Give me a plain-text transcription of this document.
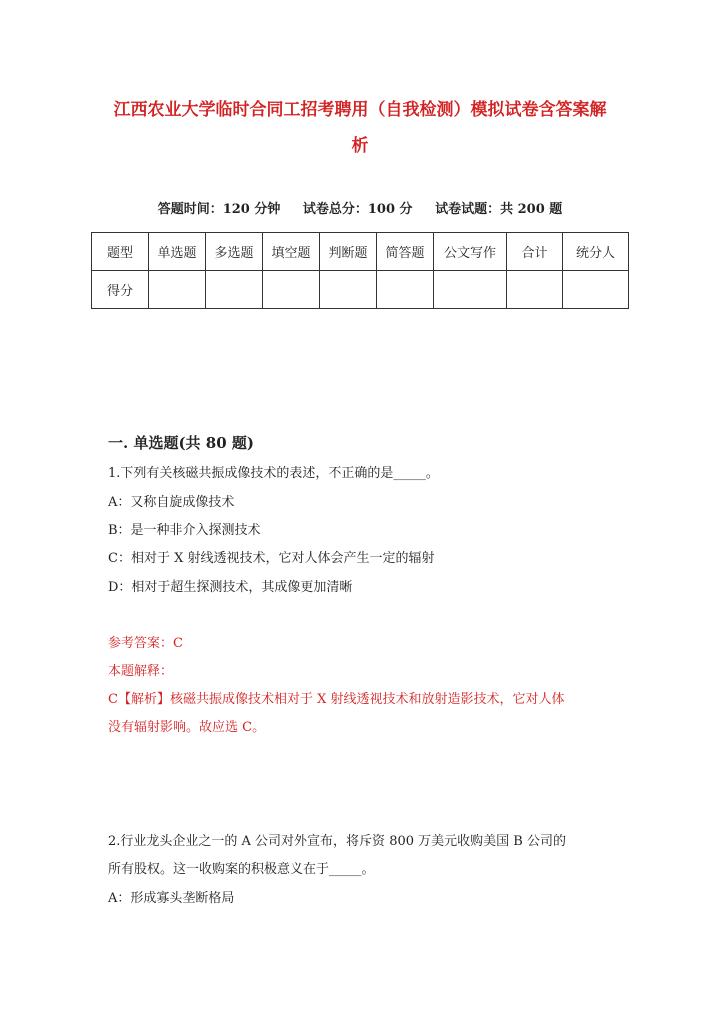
江西农业大学临时合同工招考聘用（自我检测）模拟试卷含答案解
析
答题时间：120 分钟 试卷总分：100 分 试卷试题：共 200 题
题型	单选题	多选题	填空题	判断题	简答题	公文写作	合计	统分人
得分								
一. 单选题(共 80 题)
1.下列有关核磁共振成像技术的表述，不正确的是_____。
A：又称自旋成像技术
B：是一种非介入探测技术
C：相对于 X 射线透视技术，它对人体会产生一定的辐射
D：相对于超生探测技术，其成像更加清晰
参考答案：C
本题解释：
C【解析】核磁共振成像技术相对于 X 射线透视技术和放射造影技术，它对人体
没有辐射影响。故应选 C。
2.行业龙头企业之一的 A 公司对外宣布，将斥资 800 万美元收购美国 B 公司的
所有股权。这一收购案的积极意义在于_____。
A：形成寡头垄断格局
